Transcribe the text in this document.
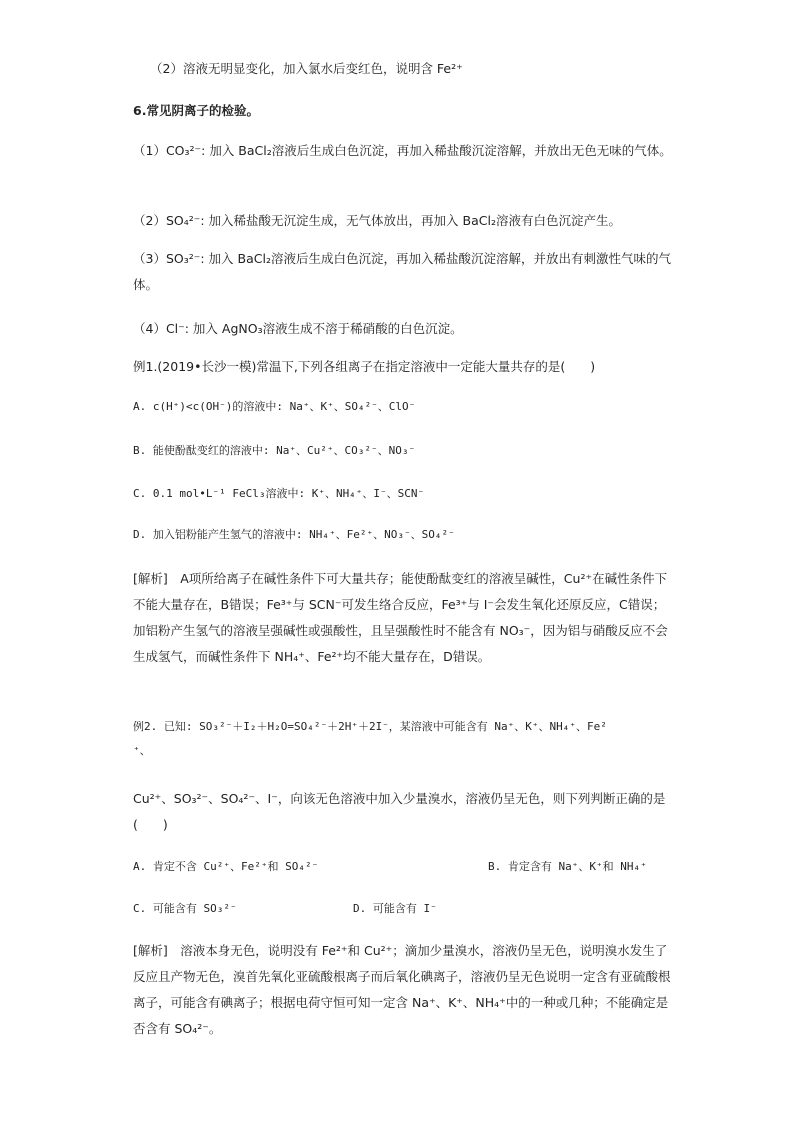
（2）溶液无明显变化，加入氯水后变红色，说明含 Fe²⁺
6.常见阴离子的检验。
（1）CO₃²⁻: 加入 BaCl₂溶液后生成白色沉淀，再加入稀盐酸沉淀溶解，并放出无色无味的气体。
（2）SO₄²⁻: 加入稀盐酸无沉淀生成，无气体放出，再加入 BaCl₂溶液有白色沉淀产生。
（3）SO₃²⁻: 加入 BaCl₂溶液后生成白色沉淀，再加入稀盐酸沉淀溶解，并放出有刺激性气味的气体。
（4）Cl⁻: 加入 AgNO₃溶液生成不溶于稀硝酸的白色沉淀。
例1.(2019•长沙一模)常温下,下列各组离子在指定溶液中一定能大量共存的是(　　)
A. c(H⁺)<c(OH⁻)的溶液中: Na⁺、K⁺、SO₄²⁻、ClO⁻
B. 能使酚酞变红的溶液中: Na⁺、Cu²⁺、CO₃²⁻、NO₃⁻
C. 0.1 mol•L⁻¹ FeCl₃溶液中: K⁺、NH₄⁺、I⁻、SCN⁻
D. 加入铝粉能产生氢气的溶液中: NH₄⁺、Fe²⁺、NO₃⁻、SO₄²⁻
[解析]　A项所给离子在碱性条件下可大量共存；能使酚酞变红的溶液呈碱性，Cu²⁺在碱性条件下不能大量存在，B错误；Fe³⁺与 SCN⁻可发生络合反应，Fe³⁺与 I⁻会发生氧化还原反应，C错误；加铝粉产生氢气的溶液呈强碱性或强酸性，且呈强酸性时不能含有 NO₃⁻，因为铝与硝酸反应不会生成氢气，而碱性条件下 NH₄⁺、Fe²⁺均不能大量存在，D错误。
例2. 已知: SO₃²⁻＋I₂＋H₂O=SO₄²⁻＋2H⁺＋2I⁻，某溶液中可能含有 Na⁺、K⁺、NH₄⁺、Fe²
⁺、
Cu²⁺、SO₃²⁻、SO₄²⁻、I⁻，向该无色溶液中加入少量溴水，溶液仍呈无色，则下列判断正确的是(　　)
A. 肯定不含 Cu²⁺、Fe²⁺和 SO₄²⁻	B. 肯定含有 Na⁺、K⁺和 NH₄⁺
C. 可能含有 SO₃²⁻	D. 可能含有 I⁻
[解析]　溶液本身无色，说明没有 Fe²⁺和 Cu²⁺；滴加少量溴水，溶液仍呈无色，说明溴水发生了反应且产物无色，溴首先氧化亚硫酸根离子而后氧化碘离子，溶液仍呈无色说明一定含有亚硫酸根离子，可能含有碘离子；根据电荷守恒可知一定含 Na⁺、K⁺、NH₄⁺中的一种或几种；不能确定是否含有 SO₄²⁻。
